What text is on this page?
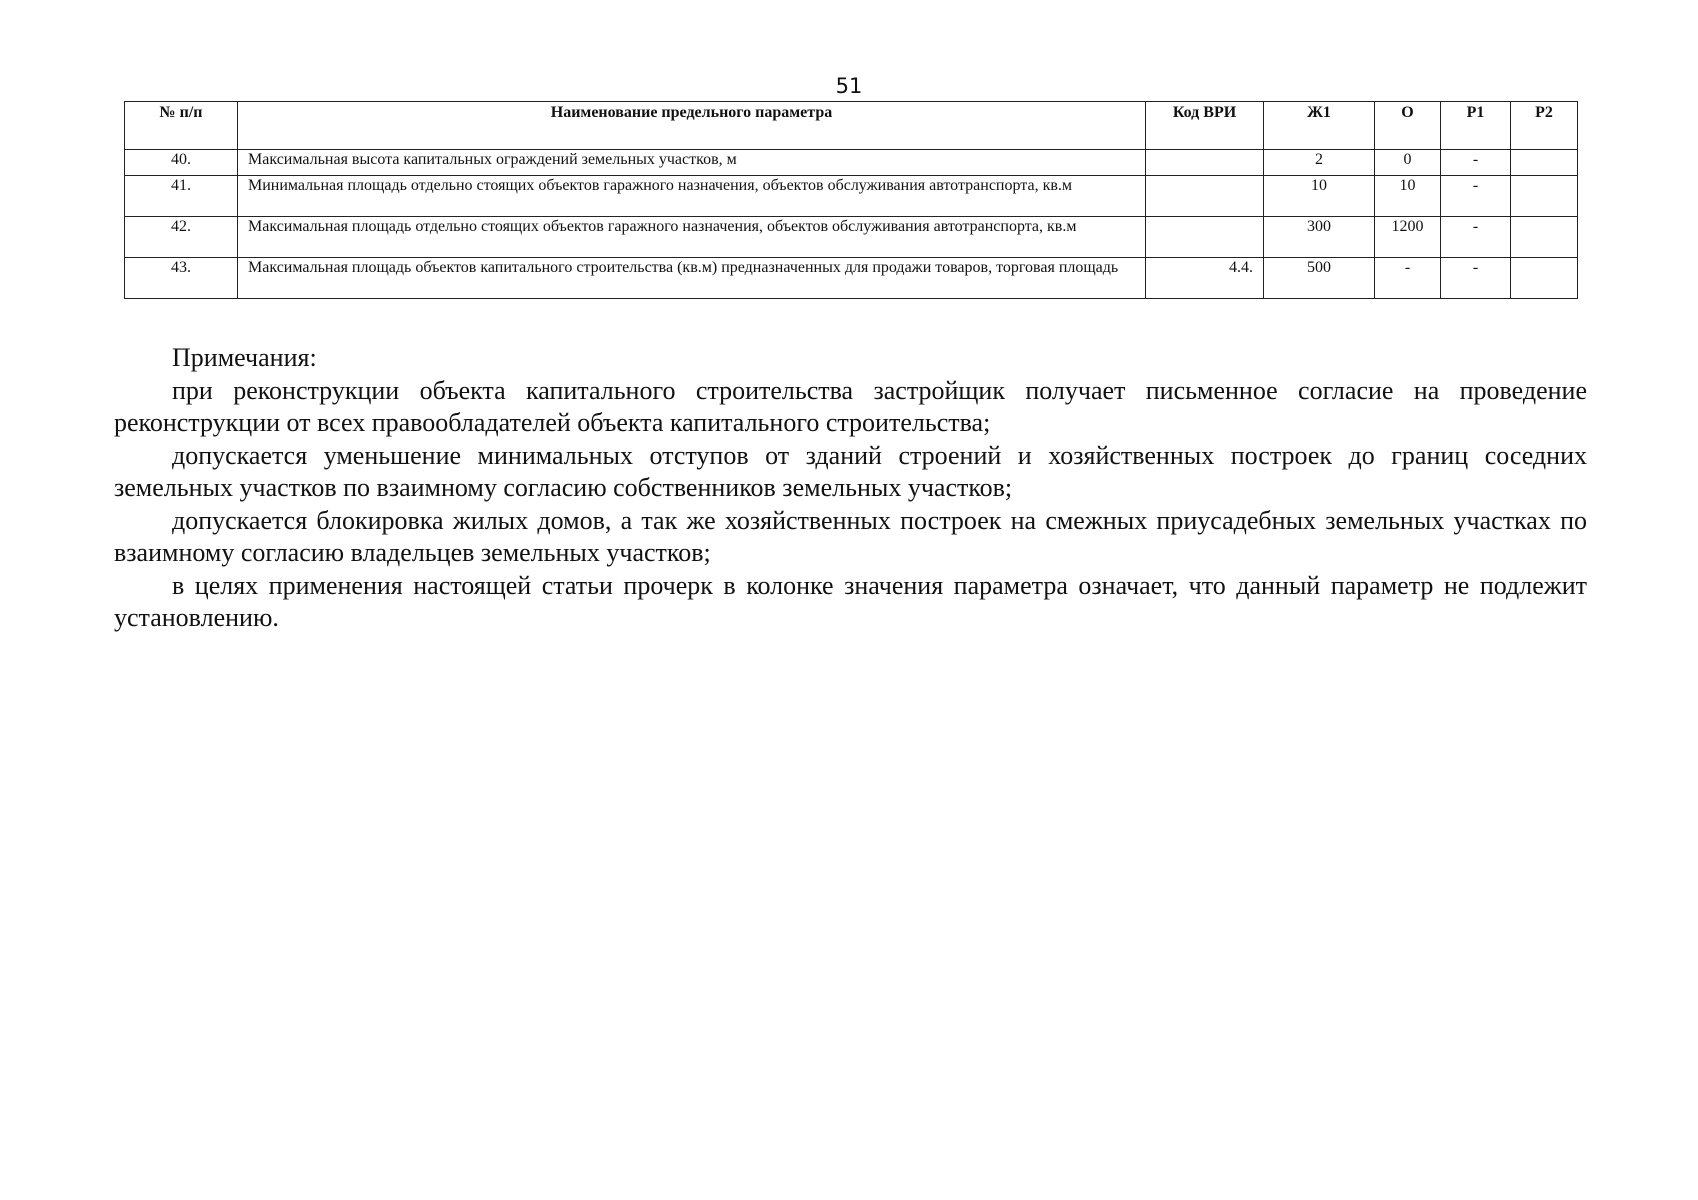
51
№ п/п	Наименование предельного параметра	Код ВРИ	Ж1	О	Р1	Р2
40.	Максимальная высота капитальных ограждений земельных участков, м		2	0	-	
41.	Минимальная площадь отдельно стоящих объектов гаражного назначения, объектов обслуживания автотранспорта, кв.м		10	10	-	
42.	Максимальная площадь отдельно стоящих объектов гаражного назначения, объектов обслуживания автотранспорта, кв.м		300	1200	-	
43.	Максимальная площадь объектов капитального строительства (кв.м) предназначенных для продажи товаров, торговая площадь	4.4.	500	-	-	

Примечания:

при реконструкции объекта капитального строительства застройщик получает письменное согласие на проведение реконструкции от всех правообладателей объекта капитального строительства;

допускается уменьшение минимальных отступов от зданий строений и хозяйственных построек до границ соседних земельных участков по взаимному согласию собственников земельных участков;

допускается блокировка жилых домов, а так же хозяйственных построек на смежных приусадебных земельных участках по взаимному согласию владельцев земельных участков;

в целях применения настоящей статьи прочерк в колонке значения параметра означает, что данный параметр не подлежит установлению.
